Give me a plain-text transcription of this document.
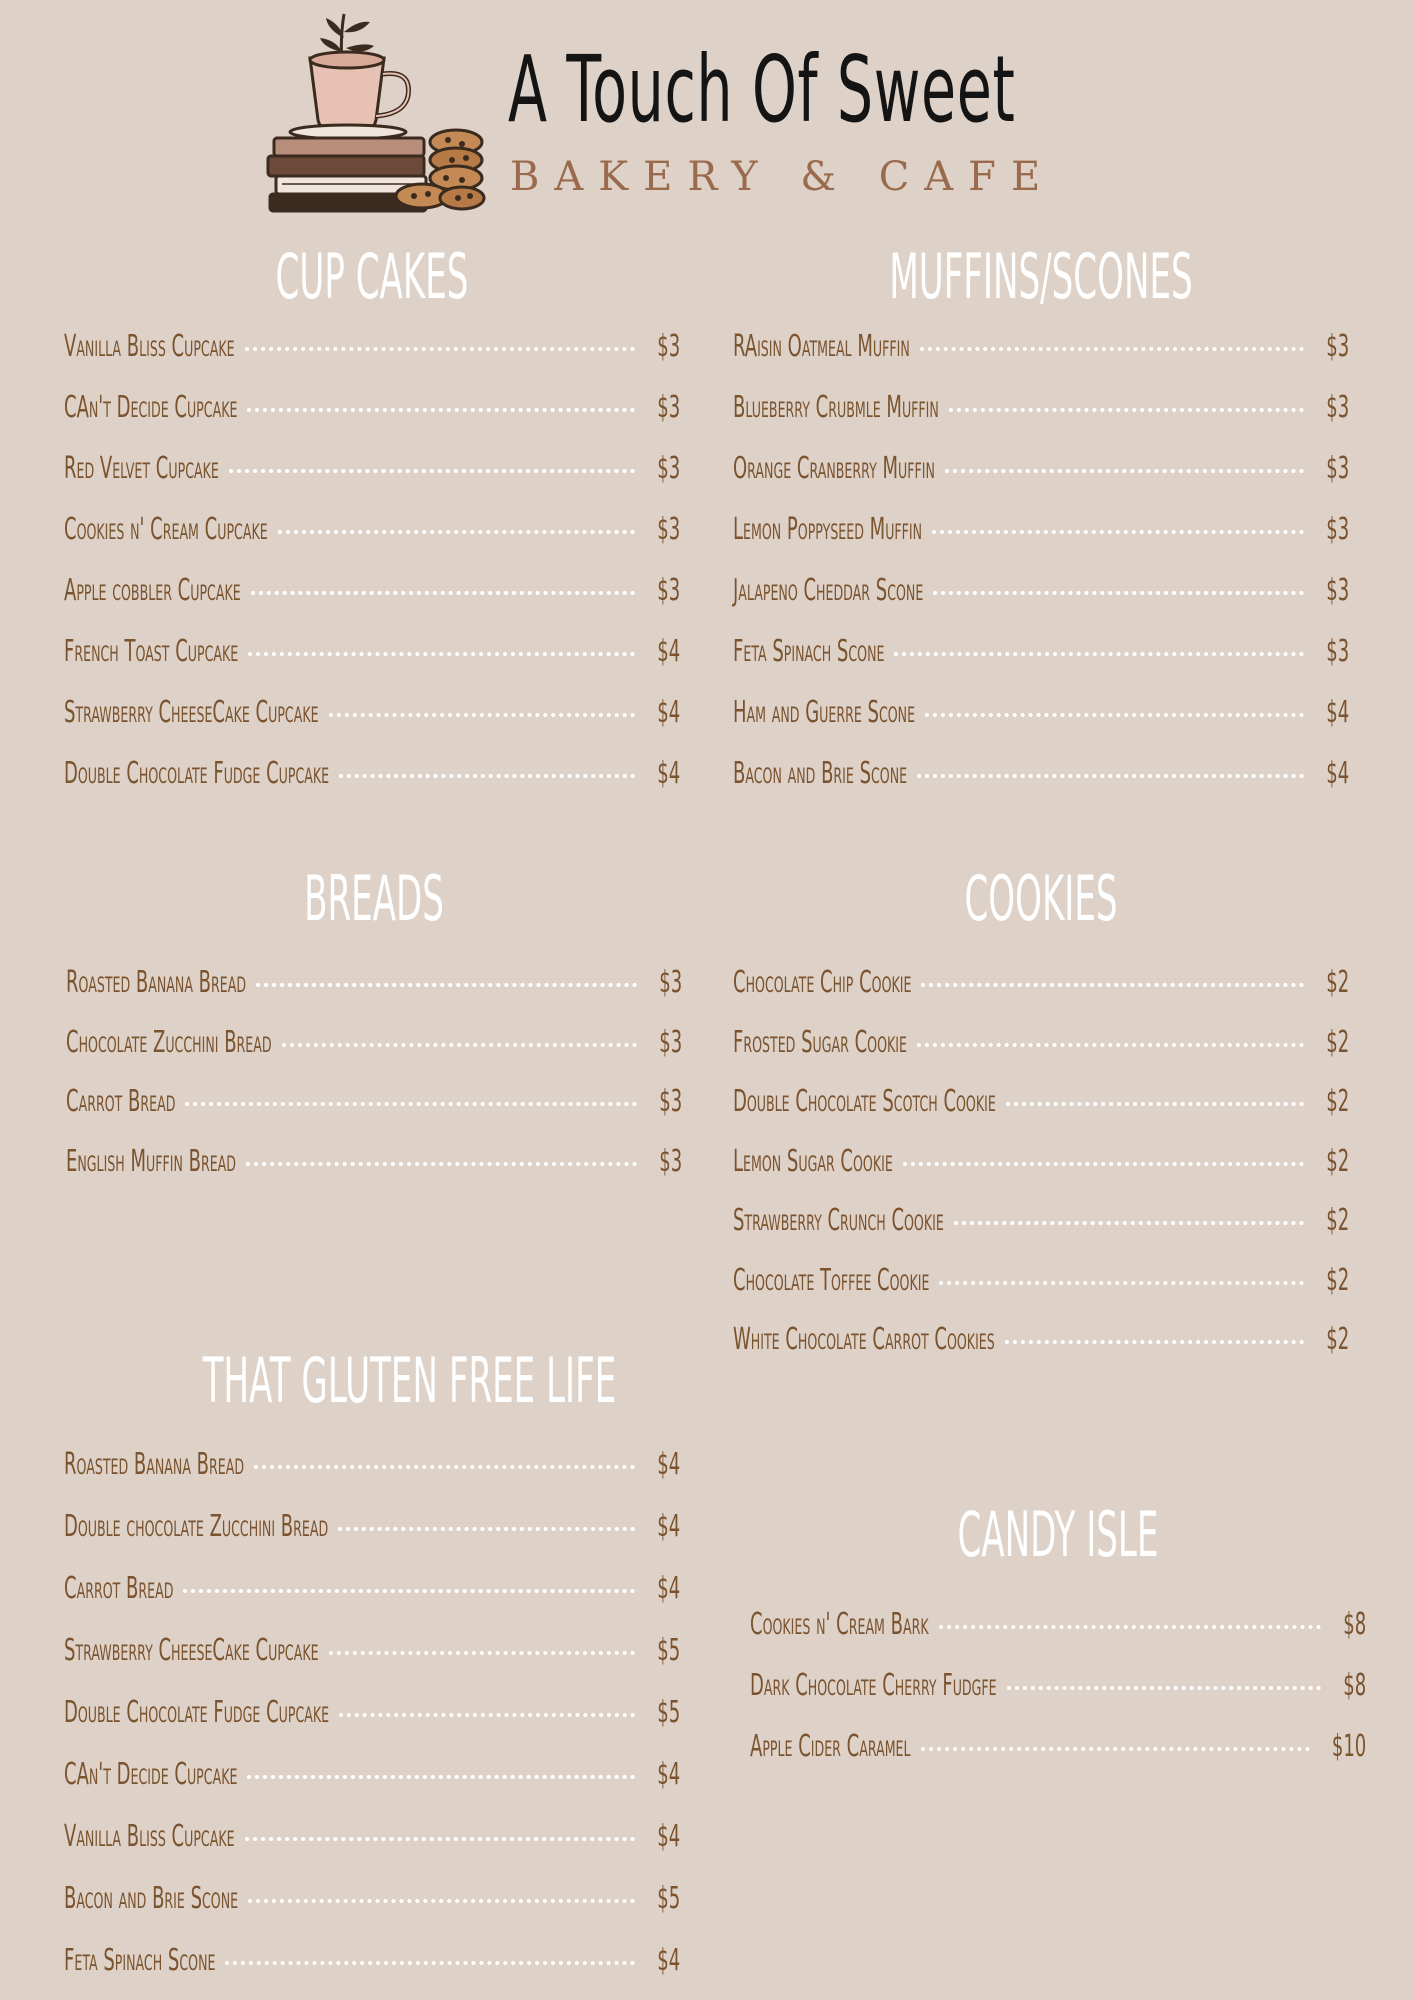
A Touch Of Sweet
BAKERY & CAFE
CUP CAKES
Vanilla Bliss Cupcake	$3
CAn't Decide Cupcake	$3
Red Velvet Cupcake	$3
Cookies n' Cream Cupcake	$3
Apple cobbler Cupcake	$3
French Toast Cupcake	$4
Strawberry CheeseCake Cupcake	$4
Double Chocolate Fudge Cupcake	$4
MUFFINS/SCONES
RAisin Oatmeal Muffin	$3
Blueberry Crubmle Muffin	$3
Orange Cranberry Muffin	$3
Lemon Poppyseed Muffin	$3
Jalapeno Cheddar Scone	$3
Feta Spinach Scone	$3
Ham and Guerre Scone	$4
Bacon and Brie Scone	$4
BREADS
Roasted Banana Bread	$3
Chocolate Zucchini Bread	$3
Carrot Bread	$3
English Muffin Bread	$3
COOKIES
Chocolate Chip Cookie	$2
Frosted Sugar Cookie	$2
Double Chocolate Scotch Cookie	$2
Lemon Sugar Cookie	$2
Strawberry Crunch Cookie	$2
Chocolate Toffee Cookie	$2
White Chocolate Carrot Cookies	$2
THAT GLUTEN FREE LIFE
Roasted Banana Bread	$4
Double chocolate Zucchini Bread	$4
Carrot Bread	$4
Strawberry CheeseCake Cupcake	$5
Double Chocolate Fudge Cupcake	$5
CAn't Decide Cupcake	$4
Vanilla Bliss Cupcake	$4
Bacon and Brie Scone	$5
Feta Spinach Scone	$4
CANDY ISLE
Cookies n' Cream Bark	$8
Dark Chocolate Cherry Fudgfe	$8
Apple Cider Caramel	$10
